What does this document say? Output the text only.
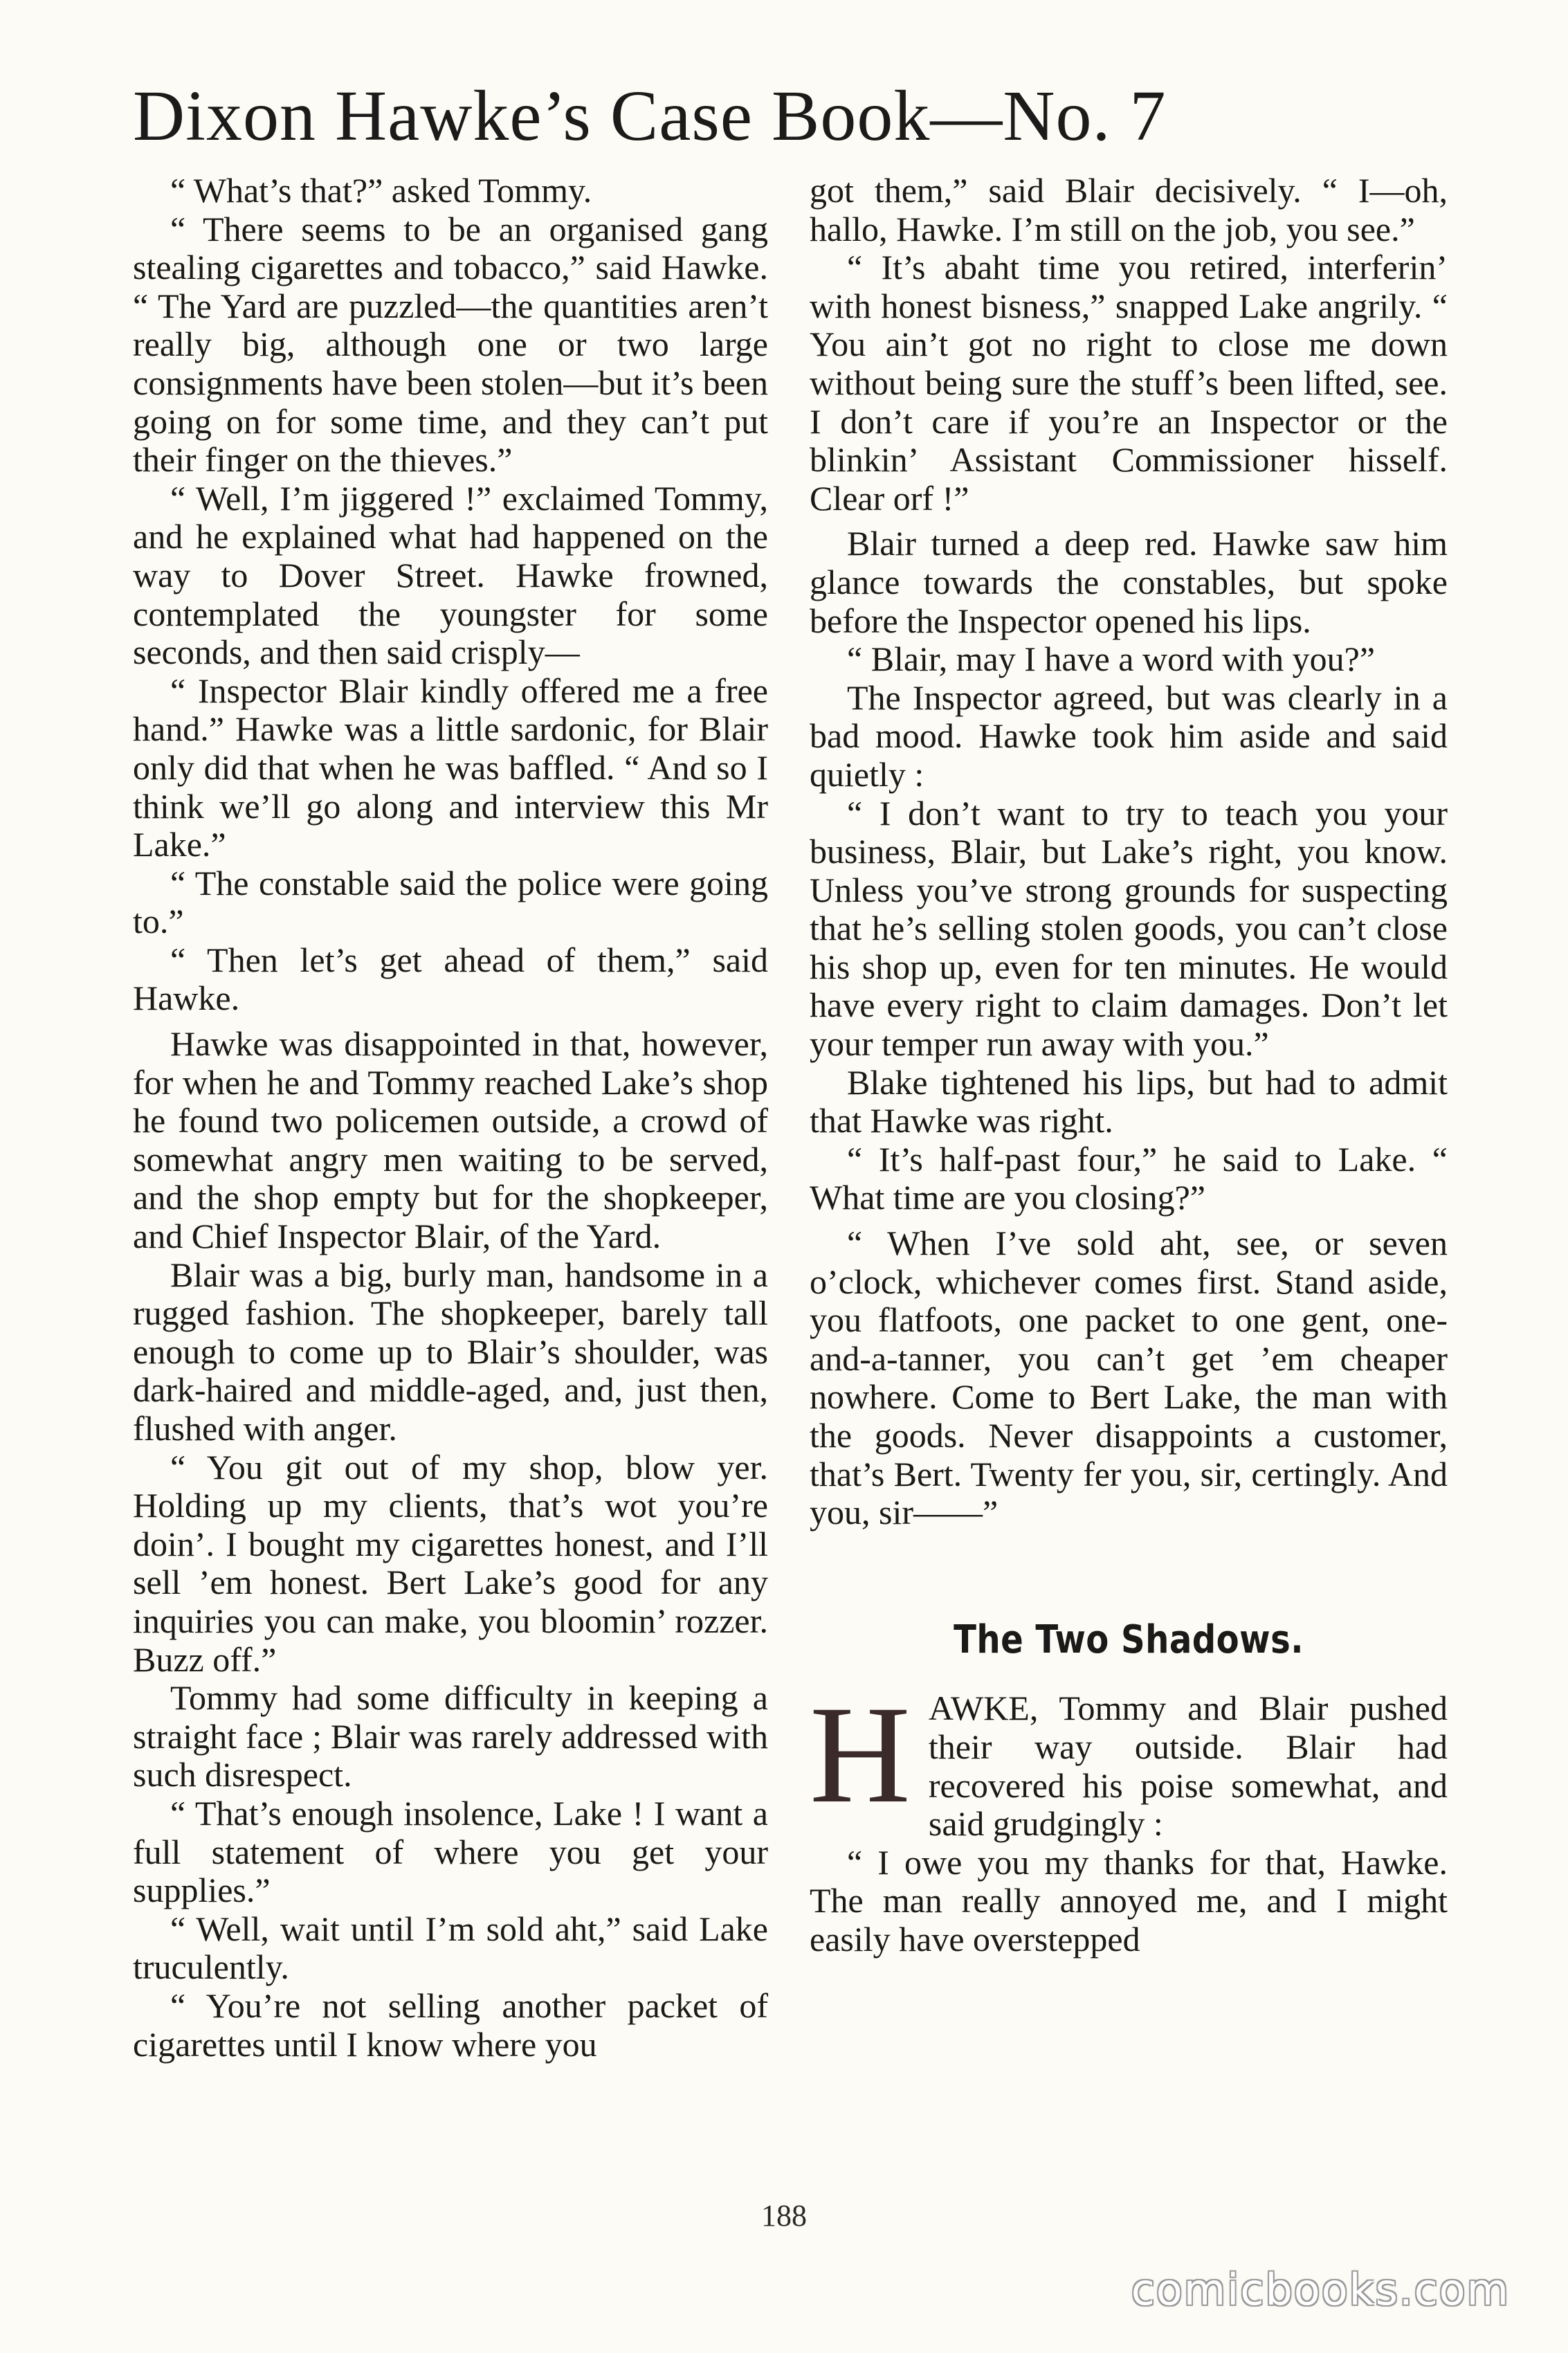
Dixon Hawke’s Case Book—No. 7

“ What’s that?” asked Tommy.

“ There seems to be an organised gang stealing cigarettes and tobacco,” said Hawke. “ The Yard are puzzled—the quantities aren’t really big, although one or two large consignments have been stolen—but it’s been going on for some time, and they can’t put their finger on the thieves.”

“ Well, I’m jiggered !” exclaimed Tommy, and he explained what had happened on the way to Dover Street. Hawke frowned, contemplated the youngster for some seconds, and then said crisply—

“ Inspector Blair kindly offered me a free hand.” Hawke was a little sardonic, for Blair only did that when he was baffled. “ And so I think we’ll go along and interview this Mr Lake.”

“ The constable said the police were going to.”

“ Then let’s get ahead of them,” said Hawke.

Hawke was disappointed in that, however, for when he and Tommy reached Lake’s shop he found two policemen outside, a crowd of somewhat angry men waiting to be served, and the shop empty but for the shopkeeper, and Chief Inspector Blair, of the Yard.

Blair was a big, burly man, handsome in a rugged fashion. The shopkeeper, barely tall enough to come up to Blair’s shoulder, was dark-haired and middle-aged, and, just then, flushed with anger.

“ You git out of my shop, blow yer. Holding up my clients, that’s wot you’re doin’. I bought my cigarettes honest, and I’ll sell ’em honest. Bert Lake’s good for any inquiries you can make, you bloomin’ rozzer. Buzz off.”

Tommy had some difficulty in keeping a straight face ; Blair was rarely addressed with such disrespect.

“ That’s enough insolence, Lake ! I want a full statement of where you get your supplies.”

“ Well, wait until I’m sold aht,” said Lake truculently.

“ You’re not selling another packet of cigarettes until I know where you

got them,” said Blair decisively. “ I—oh, hallo, Hawke. I’m still on the job, you see.”

“ It’s abaht time you retired, interferin’ with honest bisness,” snapped Lake angrily. “ You ain’t got no right to close me down without being sure the stuff’s been lifted, see. I don’t care if you’re an Inspector or the blinkin’ Assistant Commissioner hisself. Clear orf !”

Blair turned a deep red. Hawke saw him glance towards the constables, but spoke before the Inspector opened his lips.

“ Blair, may I have a word with you?”

The Inspector agreed, but was clearly in a bad mood. Hawke took him aside and said quietly :

“ I don’t want to try to teach you your business, Blair, but Lake’s right, you know. Unless you’ve strong grounds for suspecting that he’s selling stolen goods, you can’t close his shop up, even for ten minutes. He would have every right to claim damages. Don’t let your temper run away with you.”

Blake tightened his lips, but had to admit that Hawke was right.

“ It’s half-past four,” he said to Lake. “ What time are you closing?”

“ When I’ve sold aht, see, or seven o’clock, whichever comes first. Stand aside, you flatfoots, one packet to one gent, one-and-a-tanner, you can’t get ’em cheaper nowhere. Come to Bert Lake, the man with the goods. Never disappoints a customer, that’s Bert. Twenty fer you, sir, certingly. And you, sir——”

The Two Shadows.

HAWKE, Tommy and Blair pushed their way outside. Blair had recovered his poise somewhat, and said grudgingly :

“ I owe you my thanks for that, Hawke. The man really annoyed me, and I might easily have overstepped

188
comicbooks.com
